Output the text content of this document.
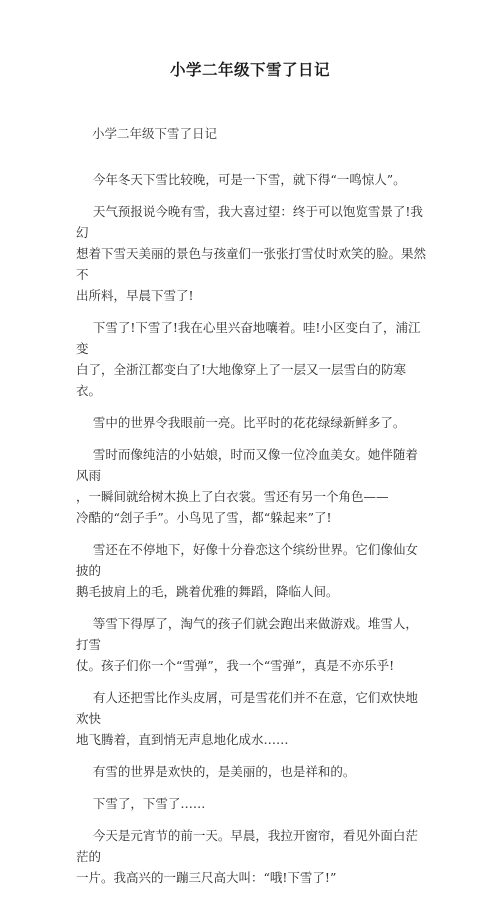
小学二年级下雪了日记
小学二年级下雪了日记

今年冬天下雪比较晚，可是一下雪，就下得“一鸣惊人”。

天气预报说今晚有雪，我大喜过望：终于可以饱览雪景了!我幻
想着下雪天美丽的景色与孩童们一张张打雪仗时欢笑的脸。果然不
出所料，早晨下雪了!

下雪了!下雪了!我在心里兴奋地嚷着。哇!小区变白了，浦江变
白了，全浙江都变白了!大地像穿上了一层又一层雪白的防寒衣。

雪中的世界令我眼前一亮。比平时的花花绿绿新鲜多了。

雪时而像纯洁的小姑娘，时而又像一位冷血美女。她伴随着风雨
，一瞬间就给树木换上了白衣裳。雪还有另一个角色——
冷酷的“刽子手”。小鸟见了雪，都“躲起来”了!

雪还在不停地下，好像十分眷恋这个缤纷世界。它们像仙女披的
鹅毛披肩上的毛，跳着优雅的舞蹈，降临人间。

等雪下得厚了，淘气的孩子们就会跑出来做游戏。堆雪人，打雪
仗。孩子们你一个“雪弹”，我一个“雪弹”，真是不亦乐乎!

有人还把雪比作头皮屑，可是雪花们并不在意，它们欢快地欢快
地飞腾着，直到悄无声息地化成水……

有雪的世界是欢快的，是美丽的，也是祥和的。

下雪了，下雪了……

今天是元宵节的前一天。早晨，我拉开窗帘，看见外面白茫茫的
一片。我高兴的一蹦三尺高大叫：“哦!下雪了!”
